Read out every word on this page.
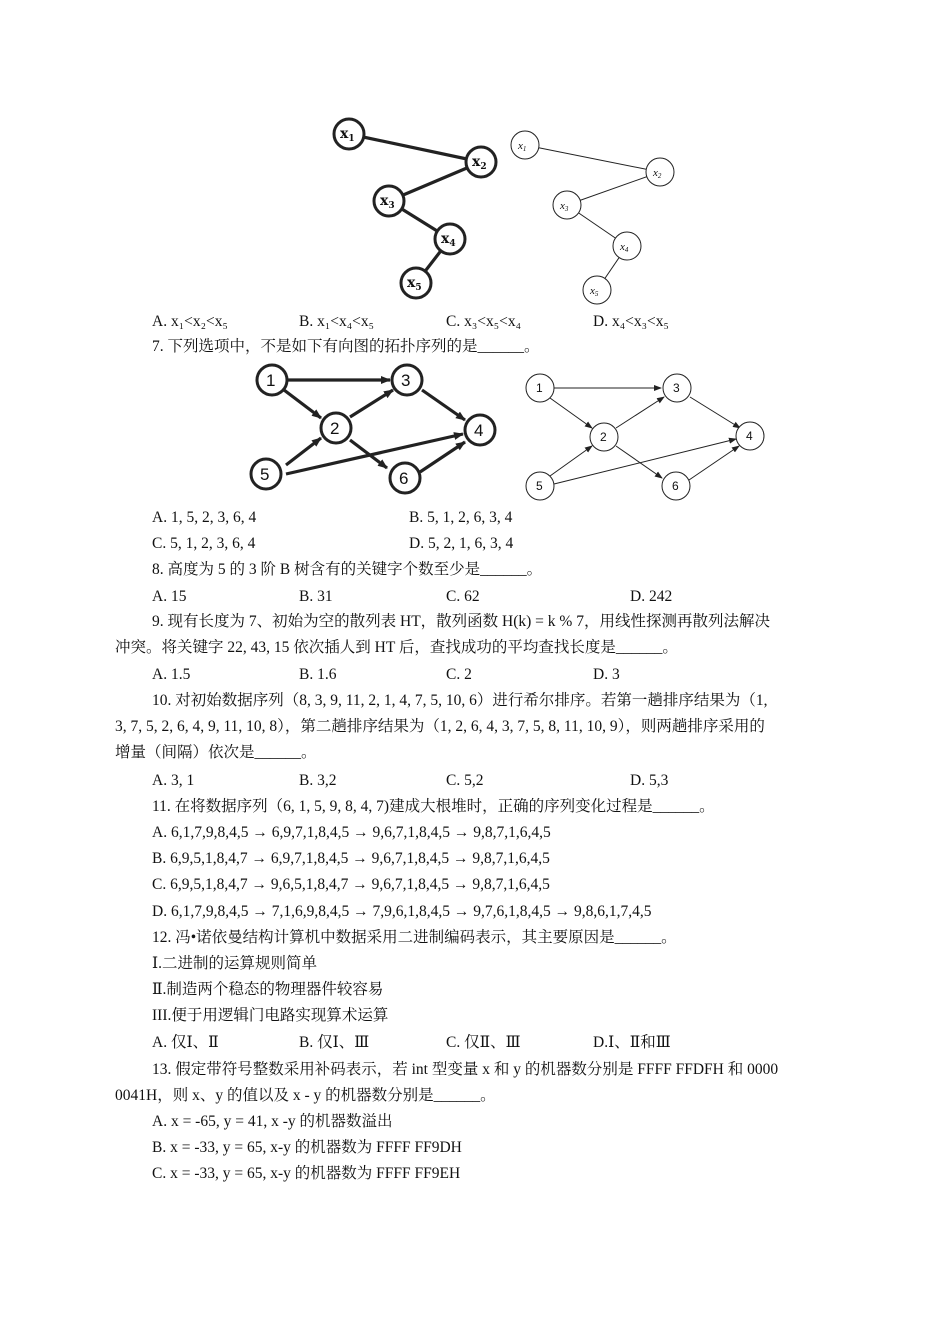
$x_1$
$x_2$
$x_3$
$x_4$
$x_5$
x1
x2
x3
x4
x5
A. x₁<x₂<x₅	B. x₁<x₄<x₅	C. x₃<x₅<x₄	D. x₄<x₃<x₅
7. 下列选项中，不是如下有向图的拓扑序列的是______。
1	3
2	4
5	6
1	3
2	4
5	6
A. 1, 5, 2, 3, 6, 4	B. 5, 1, 2, 6, 3, 4
C. 5, 1, 2, 3, 6, 4	D. 5, 2, 1, 6, 3, 4
8. 高度为 5 的 3 阶 B 树含有的关键字个数至少是______。
A. 15	B. 31	C. 62	D. 242
9. 现有长度为 7、初始为空的散列表 HT，散列函数 H(k) = k % 7，用线性探测再散列法解决
冲突。将关键字 22, 43, 15 依次插人到 HT 后，查找成功的平均查找长度是______。
A. 1.5	B. 1.6	C. 2	D. 3
10. 对初始数据序列（8, 3, 9, 11, 2, 1, 4, 7, 5, 10, 6）进行希尔排序。若第一趟排序结果为（1,
3, 7, 5, 2, 6, 4, 9, 11, 10, 8），第二趟排序结果为（1, 2, 6, 4, 3, 7, 5, 8, 11, 10, 9），则两趟排序采用的
增量（间隔）依次是______。
A. 3, 1	B. 3,2	C. 5,2	D. 5,3
11. 在将数据序列（6, 1, 5, 9, 8, 4, 7)建成大根堆时，正确的序列变化过程是______。
A. 6,1,7,9,8,4,5 → 6,9,7,1,8,4,5 → 9,6,7,1,8,4,5 → 9,8,7,1,6,4,5
B. 6,9,5,1,8,4,7 → 6,9,7,1,8,4,5 → 9,6,7,1,8,4,5 → 9,8,7,1,6,4,5
C. 6,9,5,1,8,4,7 → 9,6,5,1,8,4,7 → 9,6,7,1,8,4,5 → 9,8,7,1,6,4,5
D. 6,1,7,9,8,4,5 → 7,1,6,9,8,4,5 → 7,9,6,1,8,4,5 → 9,7,6,1,8,4,5 → 9,8,6,1,7,4,5
12. 冯•诺依曼结构计算机中数据采用二进制编码表示，其主要原因是______。
Ⅰ.二进制的运算规则简单
Ⅱ.制造两个稳态的物理器件较容易
III.便于用逻辑门电路实现算术运算
A. 仅Ⅰ、Ⅱ	B. 仅Ⅰ、Ⅲ	C. 仅Ⅱ、Ⅲ	D.Ⅰ、Ⅱ和Ⅲ
13. 假定带符号整数采用补码表示，若 int 型变量 x 和 y 的机器数分别是 FFFF FFDFH 和 0000
0041H，则 x、y 的值以及 x - y 的机器数分别是______。
A. x = -65, y = 41, x -y 的机器数溢出
B. x = -33, y = 65, x-y 的机器数为 FFFF FF9DH
C. x = -33, y = 65, x-y 的机器数为 FFFF FF9EH
